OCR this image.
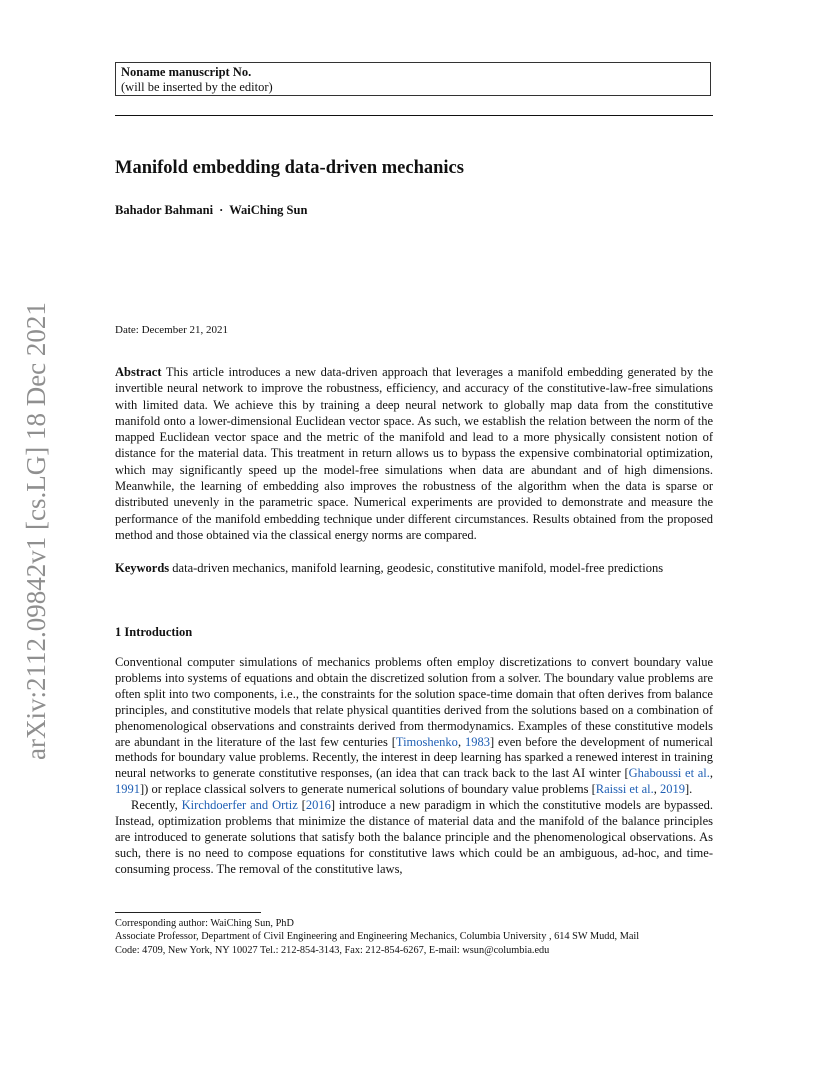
Noname manuscript No.
(will be inserted by the editor)
arXiv:2112.09842v1 [cs.LG] 18 Dec 2021
Manifold embedding data-driven mechanics
Bahador Bahmani · WaiChing Sun
Date: December 21, 2021
Abstract This article introduces a new data-driven approach that leverages a manifold embedding generated by the invertible neural network to improve the robustness, efficiency, and accuracy of the constitutive-law-free simulations with limited data. We achieve this by training a deep neural network to globally map data from the constitutive manifold onto a lower-dimensional Euclidean vector space. As such, we establish the relation between the norm of the mapped Euclidean vector space and the metric of the manifold and lead to a more physically consistent notion of distance for the material data. This treatment in return allows us to bypass the expensive combinatorial optimization, which may significantly speed up the model-free simulations when data are abundant and of high dimensions. Meanwhile, the learning of embedding also improves the robustness of the algorithm when the data is sparse or distributed unevenly in the parametric space. Numerical experiments are provided to demonstrate and measure the performance of the manifold embedding technique under different circumstances. Results obtained from the proposed method and those obtained via the classical energy norms are compared.
Keywords data-driven mechanics, manifold learning, geodesic, constitutive manifold, model-free predictions
1 Introduction

Conventional computer simulations of mechanics problems often employ discretizations to convert boundary value problems into systems of equations and obtain the discretized solution from a solver. The boundary value problems are often split into two components, i.e., the constraints for the solution space-time domain that often derives from balance principles, and constitutive models that relate physical quantities derived from the solutions based on a combination of phenomenological observations and constraints derived from thermodynamics. Examples of these constitutive models are abundant in the literature of the last few centuries [Timoshenko, 1983] even before the development of numerical methods for boundary value problems. Recently, the interest in deep learning has sparked a renewed interest in training neural networks to generate constitutive responses, (an idea that can track back to the last AI winter [Ghaboussi et al., 1991]) or replace classical solvers to generate numerical solutions of boundary value problems [Raissi et al., 2019].

Recently, Kirchdoerfer and Ortiz [2016] introduce a new paradigm in which the constitutive models are bypassed. Instead, optimization problems that minimize the distance of material data and the manifold of the balance principles are introduced to generate solutions that satisfy both the balance principle and the phenomenological observations. As such, there is no need to compose equations for constitutive laws which could be an ambiguous, ad-hoc, and time-consuming process. The removal of the constitutive laws,

Corresponding author: WaiChing Sun, PhD
Associate Professor, Department of Civil Engineering and Engineering Mechanics, Columbia University , 614 SW Mudd, Mail
Code: 4709, New York, NY 10027 Tel.: 212-854-3143, Fax: 212-854-6267, E-mail: wsun@columbia.edu
